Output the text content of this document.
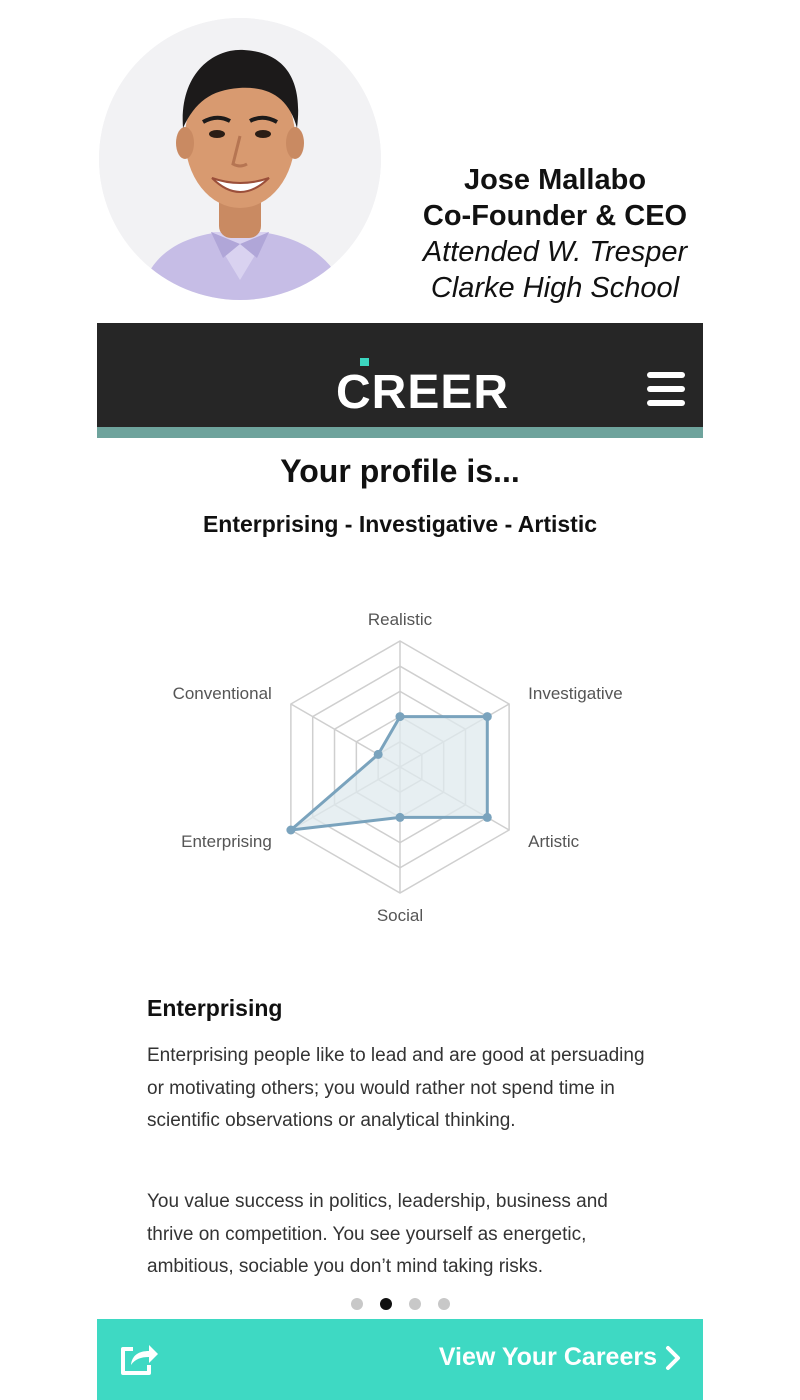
Jose Mallabo
Co-Founder & CEO
Attended W. Tresper
Clarke High School
CREER
Your profile is...
Enterprising - Investigative - Artistic
Realistic
Investigative
Artistic
Social
Enterprising
Conventional
Enterprising

Enterprising people like to lead and are good at persuading or motivating others; you would rather not spend time in scientific observations or analytical thinking.

You value success in politics, leadership, business and thrive on competition. You see yourself as energetic, ambitious, sociable you don’t mind taking risks.

View Your Careers
